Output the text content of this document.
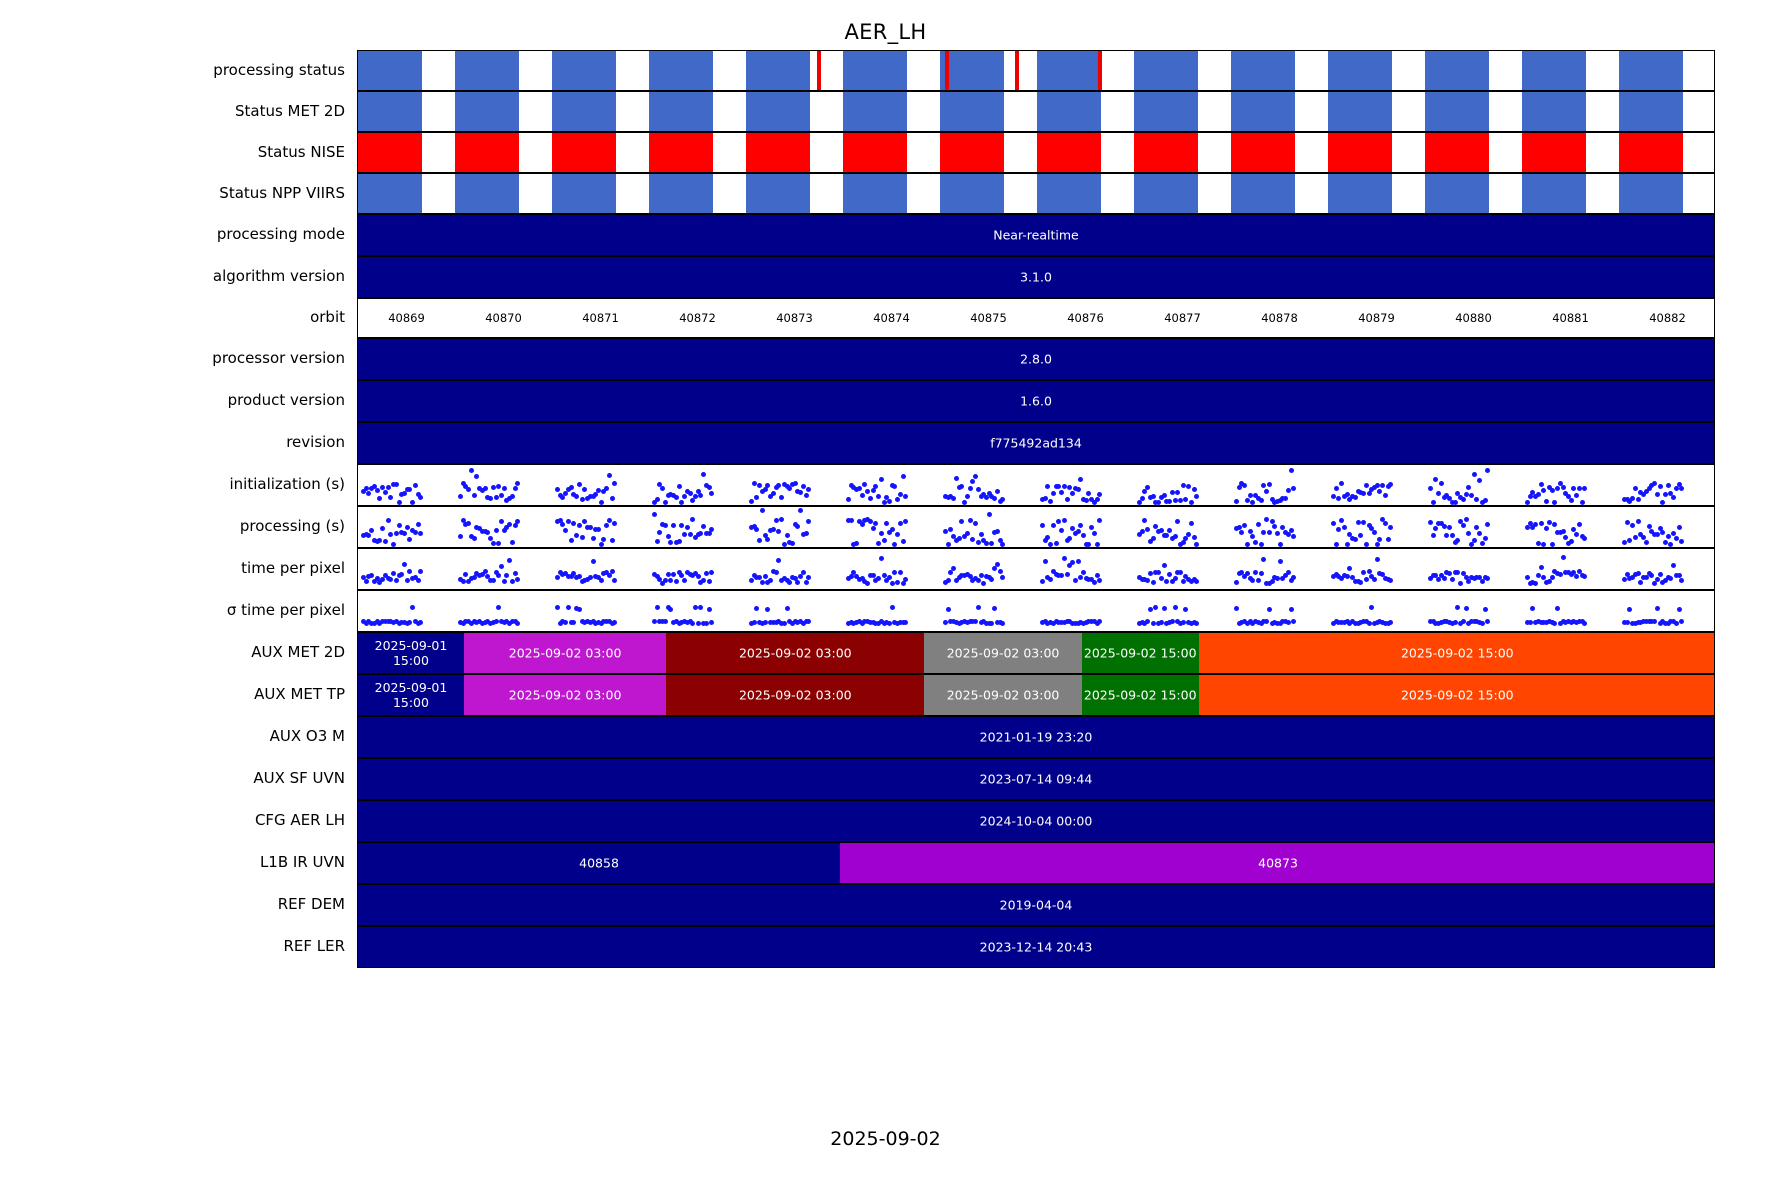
AER_LH
2025-09-02
processing status
Status MET 2D
Status NISE
Status NPP VIIRS
Near-realtime
processing mode
3.1.0
algorithm version
40869	40870	40871	40872	40873	40874	40875	40876	40877	40878	40879	40880	40881	40882
orbit
2.8.0
processor version
1.6.0
product version
f775492ad134
revision
initialization (s)
processing (s)
time per pixel
σ time per pixel
2025-09-01 15:00	2025-09-02 03:00	2025-09-02 03:00	2025-09-02 03:00	2025-09-02 15:00	2025-09-02 15:00
AUX MET 2D
2025-09-01 15:00	2025-09-02 03:00	2025-09-02 03:00	2025-09-02 03:00	2025-09-02 15:00	2025-09-02 15:00
AUX MET TP
2021-01-19 23:20
AUX O3 M
2023-07-14 09:44
AUX SF UVN
2024-10-04 00:00
CFG AER LH
40858	40873
L1B IR UVN
2019-04-04
REF DEM
2023-12-14 20:43
REF LER
